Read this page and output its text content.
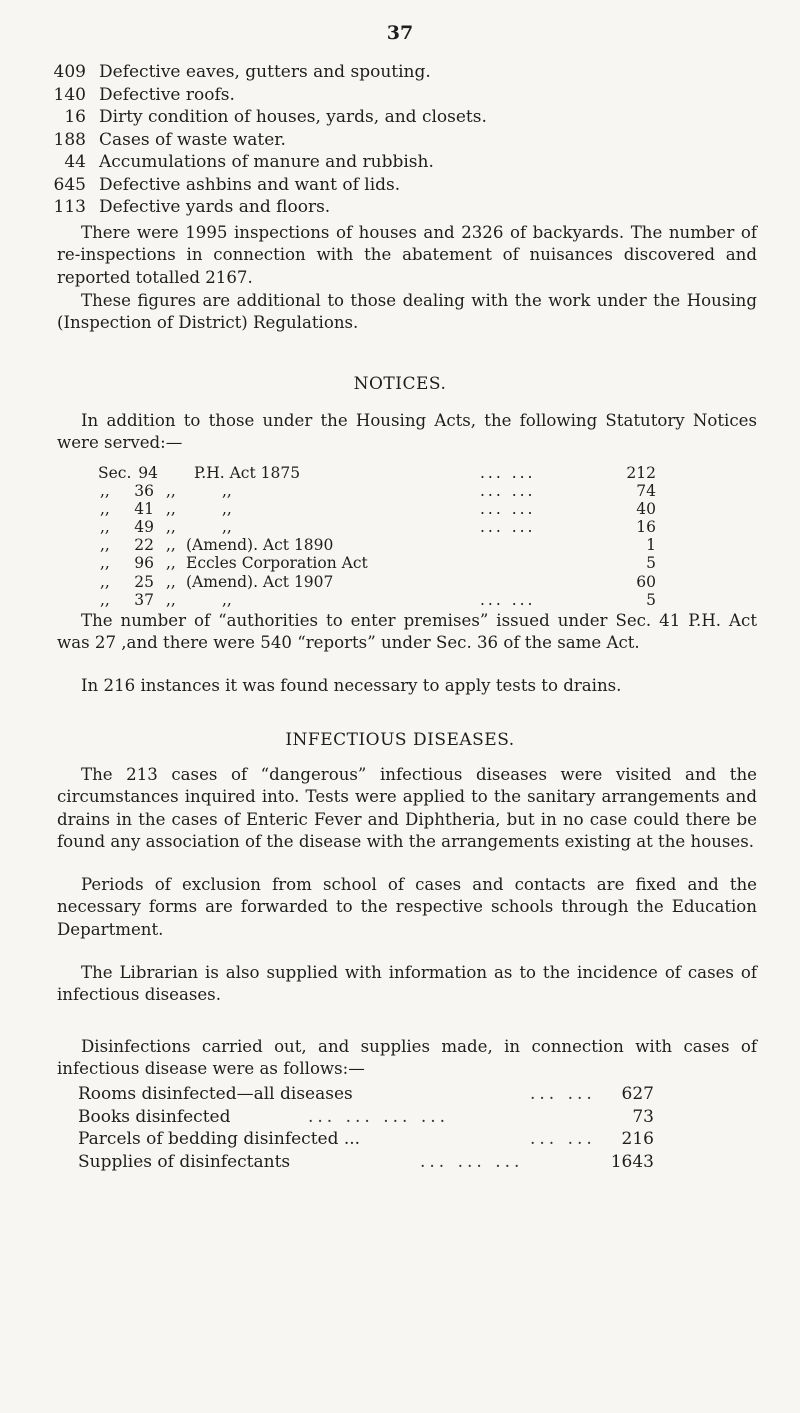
37
409 Defective eaves, gutters and spouting.
140 Defective roofs.
16 Dirty condition of houses, yards, and closets.
188 Cases of waste water.
44 Accumulations of manure and rubbish.
645 Defective ashbins and want of lids.
113 Defective yards and floors.

There were 1995 inspections of houses and 2326 of backyards. The number of re-inspections in connection with the abatement of nuisances discovered and reported totalled 2167.

These figures are additional to those dealing with the work under the Housing (Inspection of District) Regulations.

NOTICES.

In addition to those under the Housing Acts, the following Statutory Notices were served:—

Sec. 94 P.H. Act 1875	... ...	212
,,	36 ,,	,,	... ...	74
,,	41 ,,	,,	... ...	40
,,	49 ,,	,,	... ...	16
,,	22 ,, (Amend). Act 1890	1
,,	96 ,, Eccles Corporation Act	5
,,	25 ,, (Amend). Act 1907	60
,,	37 ,,	,,	... ...	5

The number of “authorities to enter premises” issued under Sec. 41 P.H. Act was 27 ,and there were 540 “reports” under Sec. 36 of the same Act.

In 216 instances it was found necessary to apply tests to drains.

INFECTIOUS DISEASES.

The 213 cases of “dangerous” infectious diseases were visited and the circumstances inquired into. Tests were applied to the sanitary arrangements and drains in the cases of Enteric Fever and Diphtheria, but in no case could there be found any association of the disease with the arrangements existing at the houses.

Periods of exclusion from school of cases and contacts are fixed and the necessary forms are forwarded to the respective schools through the Education Department.

The Librarian is also supplied with information as to the incidence of cases of infectious diseases.

Disinfections carried out, and supplies made, in connection with cases of infectious disease were as follows:—

Rooms disinfected—all diseases	... ...	627
Books disinfected	... ... ... ...	73
Parcels of bedding disinfected ...	... ...	216
Supplies of disinfectants	... ... ...	1643
